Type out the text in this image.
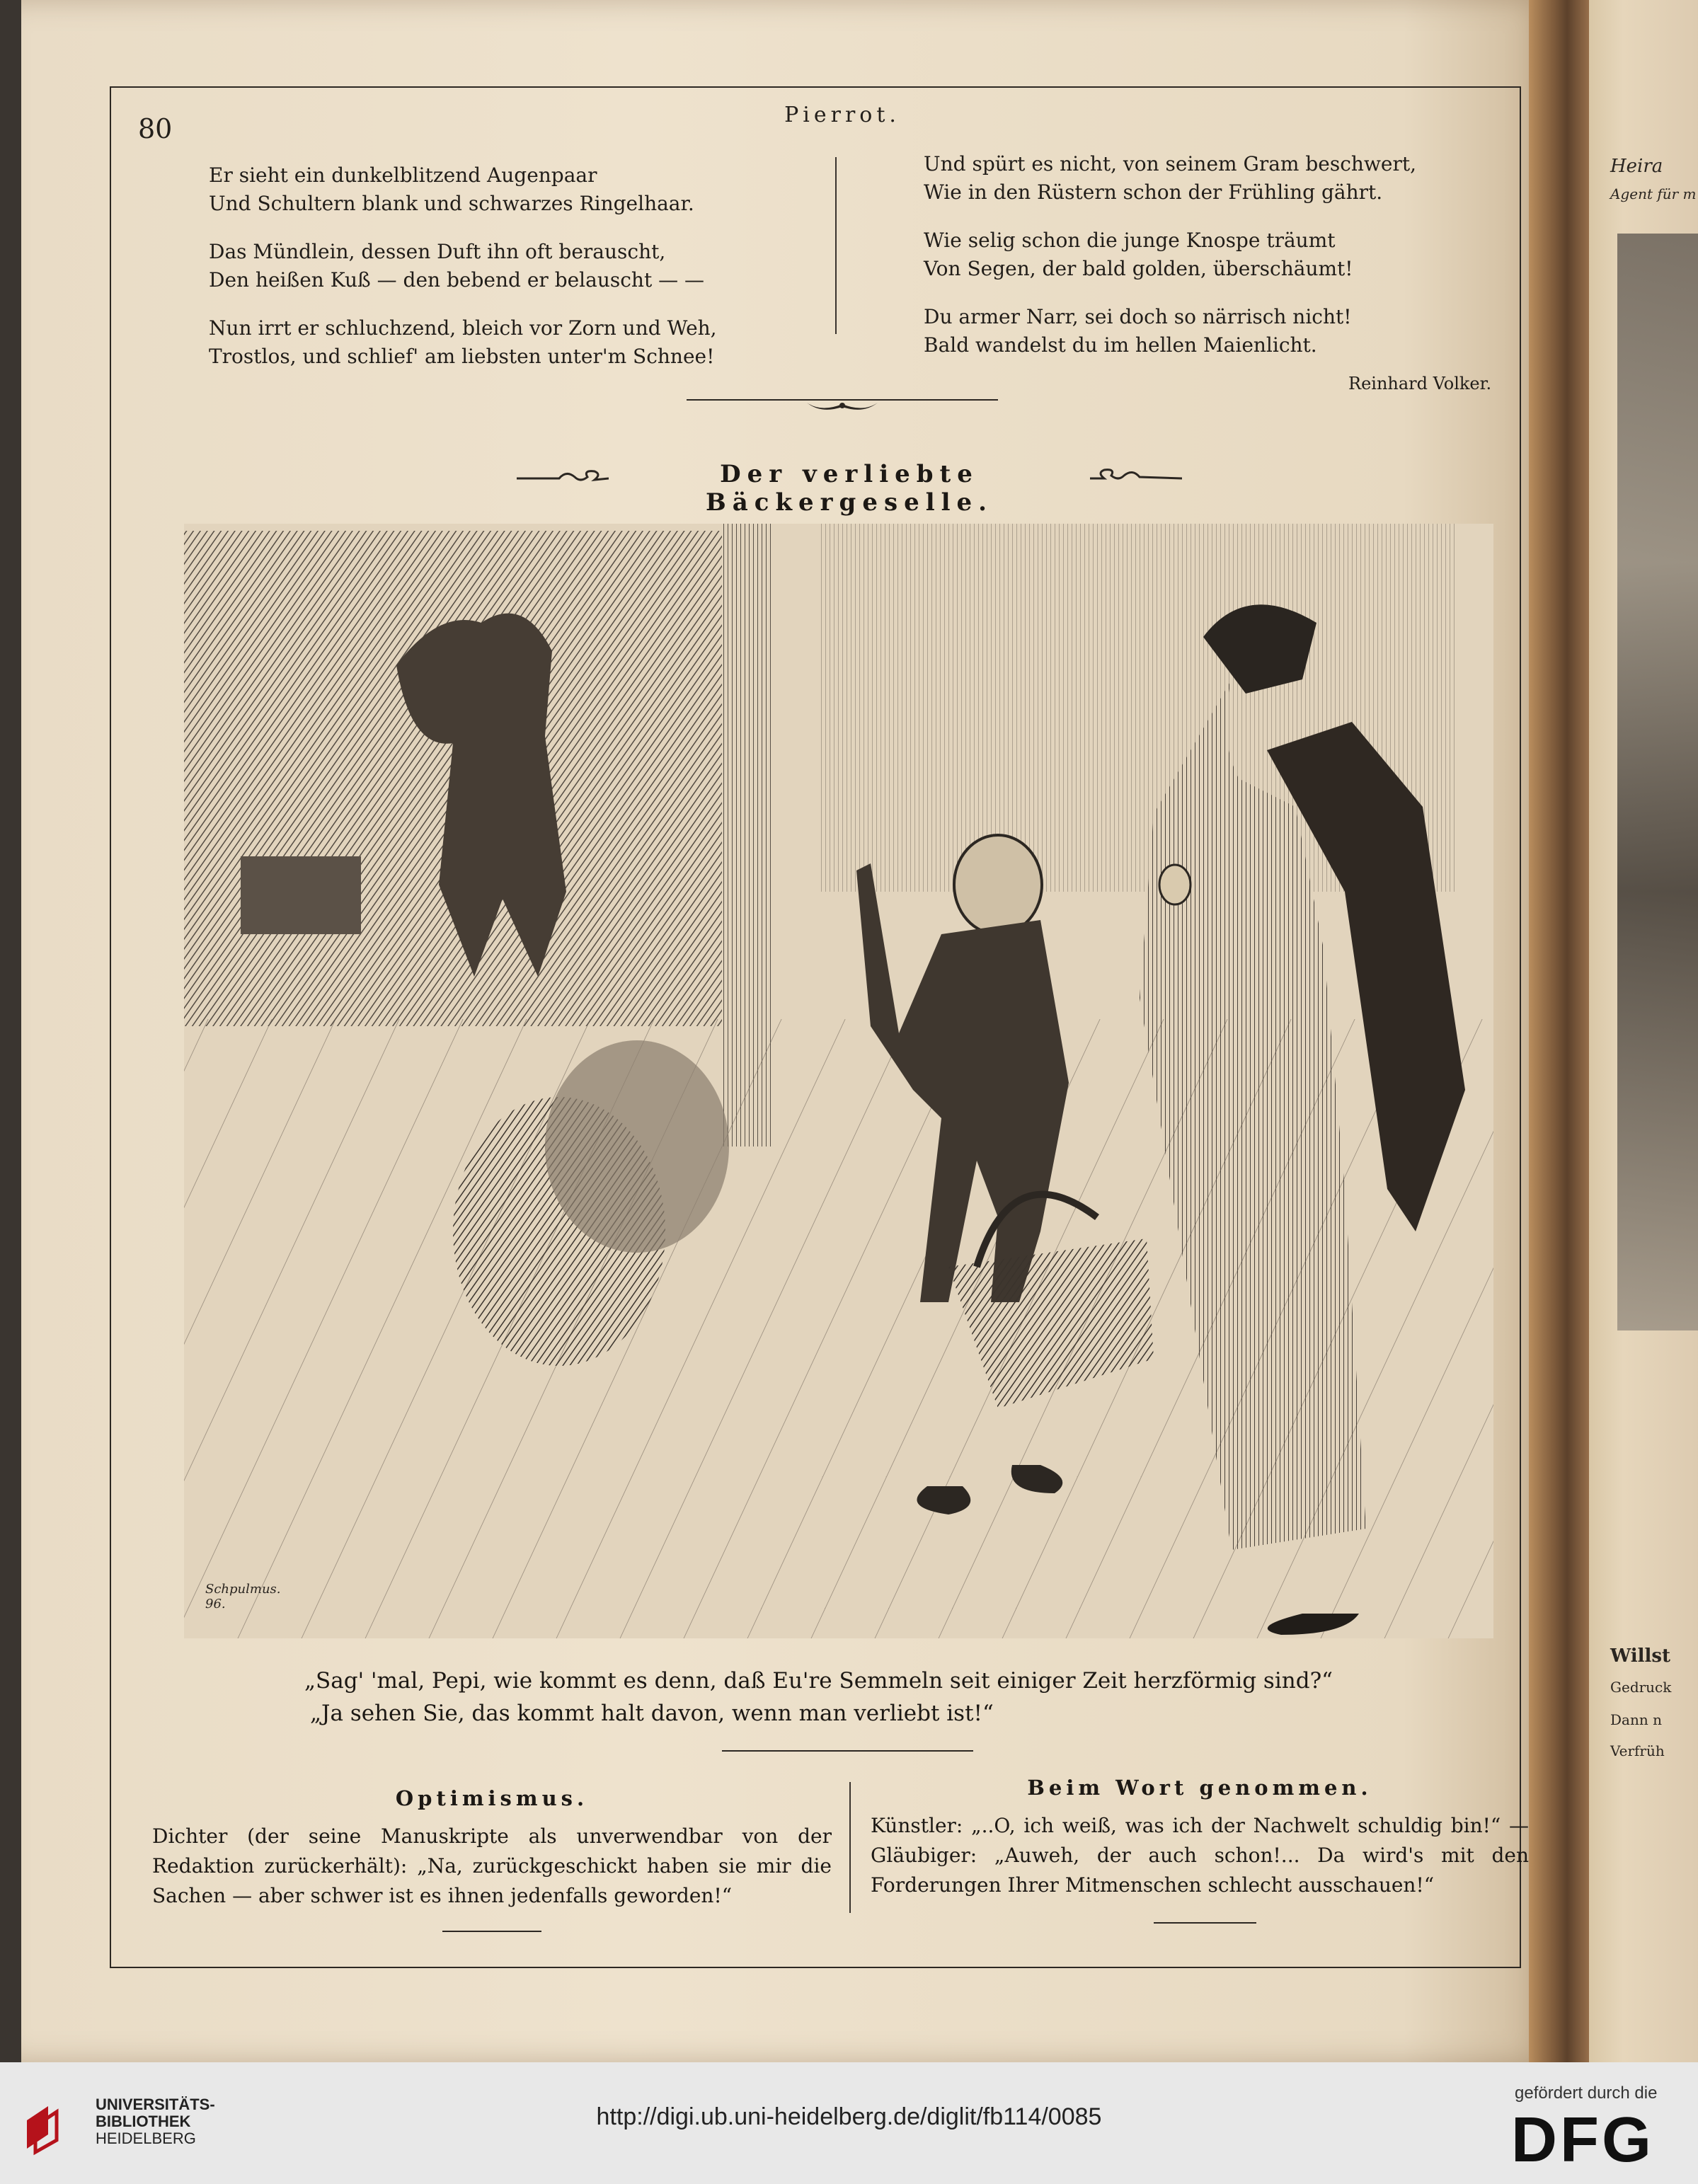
Heira
Agent für m
Willst
Gedruck
Dann n
Verfrüh
80	Pierrot.
Er sieht ein dunkelblitzend Augenpaar
Und Schultern blank und schwarzes Ringelhaar.
Das Mündlein, dessen Duft ihn oft berauscht,
Den heißen Kuß — den bebend er belauscht — —
Nun irrt er schluchzend, bleich vor Zorn und Weh,
Trostlos, und schlief' am liebsten unter'm Schnee!
Und spürt es nicht, von seinem Gram beschwert,
Wie in den Rüstern schon der Frühling gährt.
Wie selig schon die junge Knospe träumt
Von Segen, der bald golden, überschäumt!
Du armer Narr, sei doch so närrisch nicht!
Bald wandelst du im hellen Maienlicht.
Reinhard Volker.
Der verliebte Bäckergeselle.
Schpulmus. 96.
„Sag' 'mal, Pepi, wie kommt es denn, daß Eu're Semmeln seit einiger Zeit herzförmig sind?“
„Ja sehen Sie, das kommt halt davon, wenn man verliebt ist!“
Optimismus.
Dichter (der seine Manuskripte als unverwendbar von der Redaktion zurückerhält): „Na, zurückgeschickt haben sie mir die Sachen — aber schwer ist es ihnen jedenfalls geworden!“
Beim Wort genommen.
Künstler: „..O, ich weiß, was ich der Nachwelt schuldig bin!“ — Gläubiger: „Auweh, der auch schon!... Da wird's mit den Forderungen Ihrer Mitmenschen schlecht ausschauen!“
UNIVERSITÄTS-
BIBLIOTHEK
HEIDELBERG
http://digi.ub.uni-heidelberg.de/diglit/fb114/0085
gefördert durch die
DFG
